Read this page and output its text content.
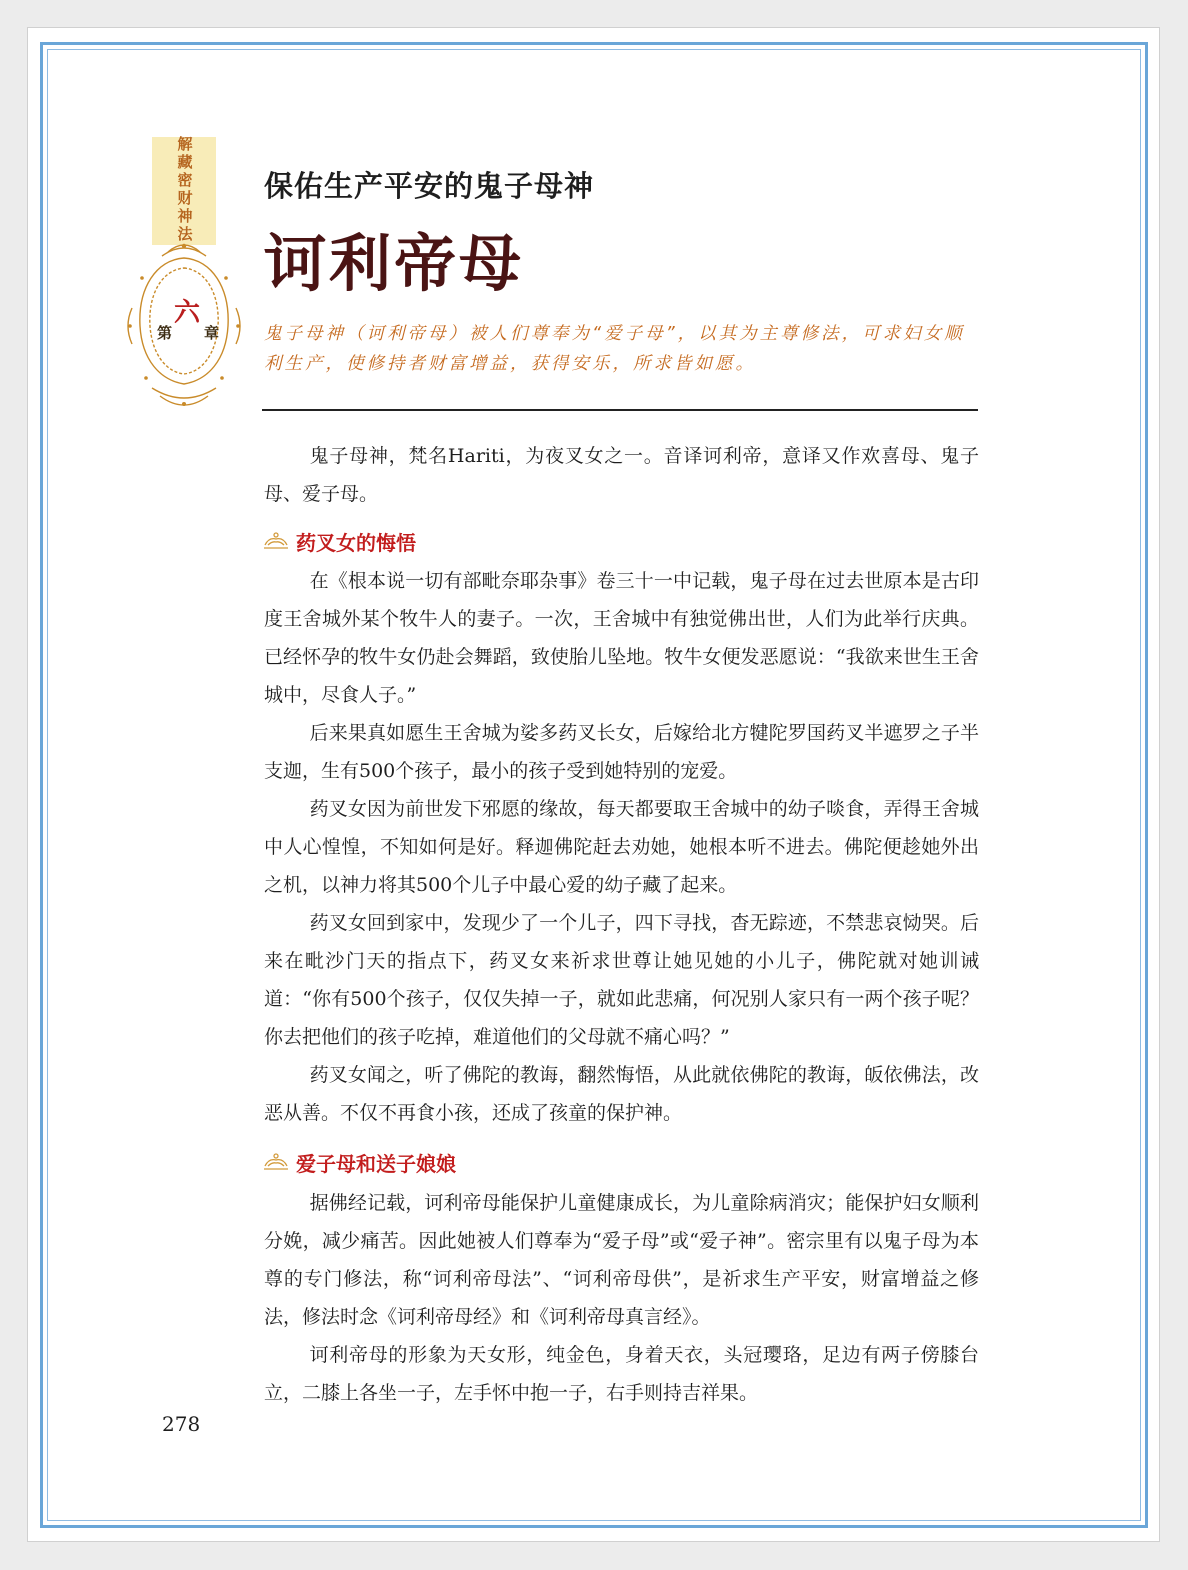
解藏密财神法
第
六
章
保佑生产平安的鬼子母神
诃利帝母
鬼子母神（诃利帝母）被人们尊奉为“爱子母”，以其为主尊修法，可求妇女顺利生产，使修持者财富增益，获得安乐，所求皆如愿。

鬼子母神，梵名Hariti，为夜叉女之一。音译诃利帝，意译又作欢喜母、鬼子母、爱子母。

药叉女的悔悟

在《根本说一切有部毗奈耶杂事》卷三十一中记载，鬼子母在过去世原本是古印度王舍城外某个牧牛人的妻子。一次，王舍城中有独觉佛出世，人们为此举行庆典。已经怀孕的牧牛女仍赴会舞蹈，致使胎儿坠地。牧牛女便发恶愿说：“我欲来世生王舍城中，尽食人子。”

后来果真如愿生王舍城为娑多药叉长女，后嫁给北方犍陀罗国药叉半遮罗之子半支迦，生有500个孩子，最小的孩子受到她特别的宠爱。

药叉女因为前世发下邪愿的缘故，每天都要取王舍城中的幼子啖食，弄得王舍城中人心惶惶，不知如何是好。释迦佛陀赶去劝她，她根本听不进去。佛陀便趁她外出之机，以神力将其500个儿子中最心爱的幼子藏了起来。

药叉女回到家中，发现少了一个儿子，四下寻找，杳无踪迹，不禁悲哀恸哭。后来在毗沙门天的指点下，药叉女来祈求世尊让她见她的小儿子，佛陀就对她训诫道：“你有500个孩子，仅仅失掉一子，就如此悲痛，何况别人家只有一两个孩子呢？你去把他们的孩子吃掉，难道他们的父母就不痛心吗？”

药叉女闻之，听了佛陀的教诲，翻然悔悟，从此就依佛陀的教诲，皈依佛法，改恶从善。不仅不再食小孩，还成了孩童的保护神。

爱子母和送子娘娘

据佛经记载，诃利帝母能保护儿童健康成长，为儿童除病消灾；能保护妇女顺利分娩，减少痛苦。因此她被人们尊奉为“爱子母”或“爱子神”。密宗里有以鬼子母为本尊的专门修法，称“诃利帝母法”、“诃利帝母供”，是祈求生产平安，财富增益之修法，修法时念《诃利帝母经》和《诃利帝母真言经》。

诃利帝母的形象为天女形，纯金色，身着天衣，头冠璎珞，足边有两子傍膝台立，二膝上各坐一子，左手怀中抱一子，右手则持吉祥果。

278
